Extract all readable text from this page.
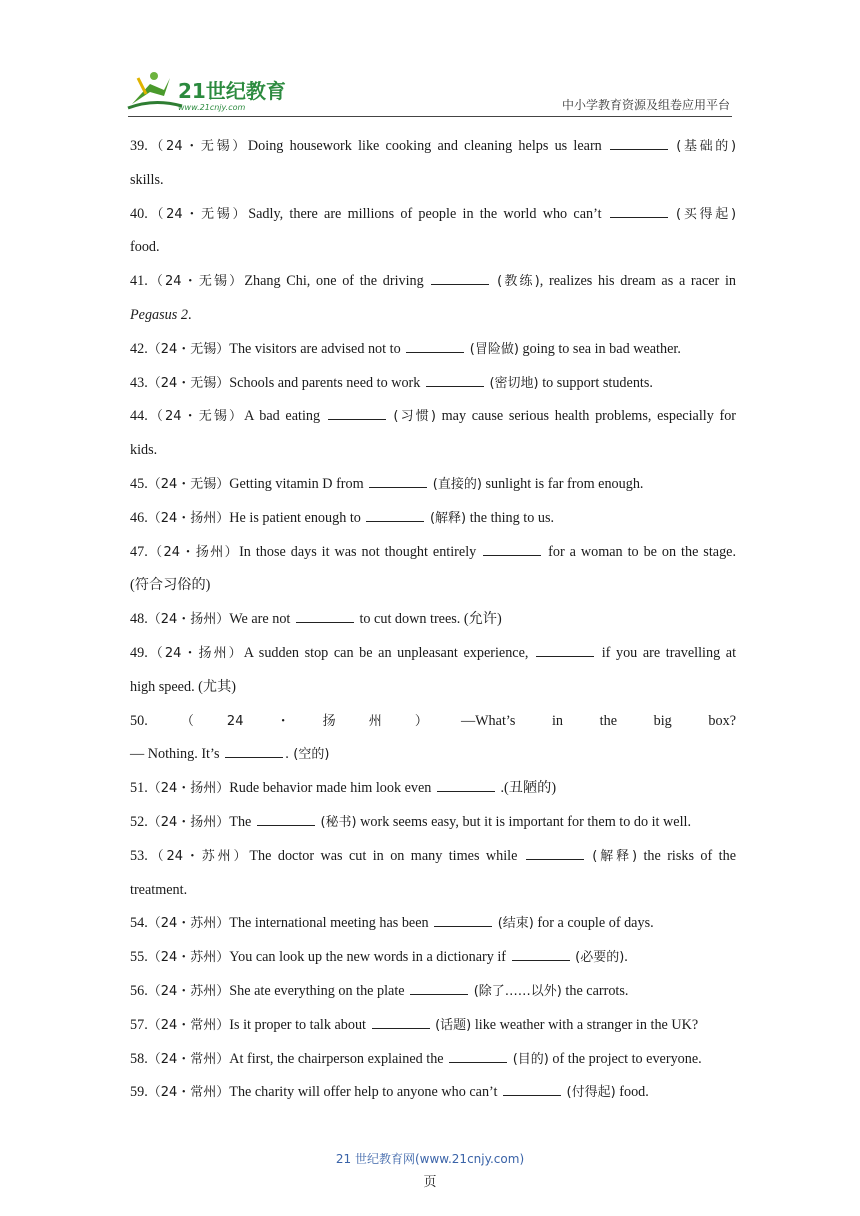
21世纪教育
www.21cnjy.com	中小学教育资源及组卷应用平台
39.（24・无锡）Doing housework like cooking and cleaning helps us learn	(基础的)
skills.
40.（24・无锡）Sadly, there are millions of people in the world who can’t	(买得起)
food.
41.（24・无锡）Zhang Chi, one of the driving	(教练), realizes his dream as a racer in
Pegasus 2.
42.（24・无锡）The visitors are advised not to	(冒险做) going to sea in bad weather.
43.（24・无锡）Schools and parents need to work	(密切地) to support students.
44.（24・无锡）A bad eating	(习惯) may cause serious health problems, especially for
kids.
45.（24・无锡）Getting vitamin D from	(直接的) sunlight is far from enough.
46.（24・扬州）He is patient enough to	(解释) the thing to us.
47.（24・扬州）In those days it was not thought entirely	for a woman to be on the stage.
(符合习俗的)
48.（24・扬州）We are not	to cut down trees. (允许)
49.（24・扬州）A sudden stop can be an unpleasant experience,	if you are travelling at
high speed. (尤其)
50.（24・扬州）—What’s in the big box?
— Nothing. It’s	. (空的)
51.（24・扬州）Rude behavior made him look even	.(丑陋的)
52.（24・扬州）The	(秘书) work seems easy, but it is important for them to do it well.
53.（24・苏州）The doctor was cut in on many times while	(解释) the risks of the
treatment.
54.（24・苏州）The international meeting has been	(结束) for a couple of days.
55.（24・苏州）You can look up the new words in a dictionary if	(必要的).
56.（24・苏州）She ate everything on the plate	(除了……以外) the carrots.
57.（24・常州）Is it proper to talk about	(话题) like weather with a stranger in the UK?
58.（24・常州）At first, the chairperson explained the	(目的) of the project to everyone.
59.（24・常州）The charity will offer help to anyone who can’t	(付得起) food.
21 世纪教育网(www.21cnjy.com)
页
